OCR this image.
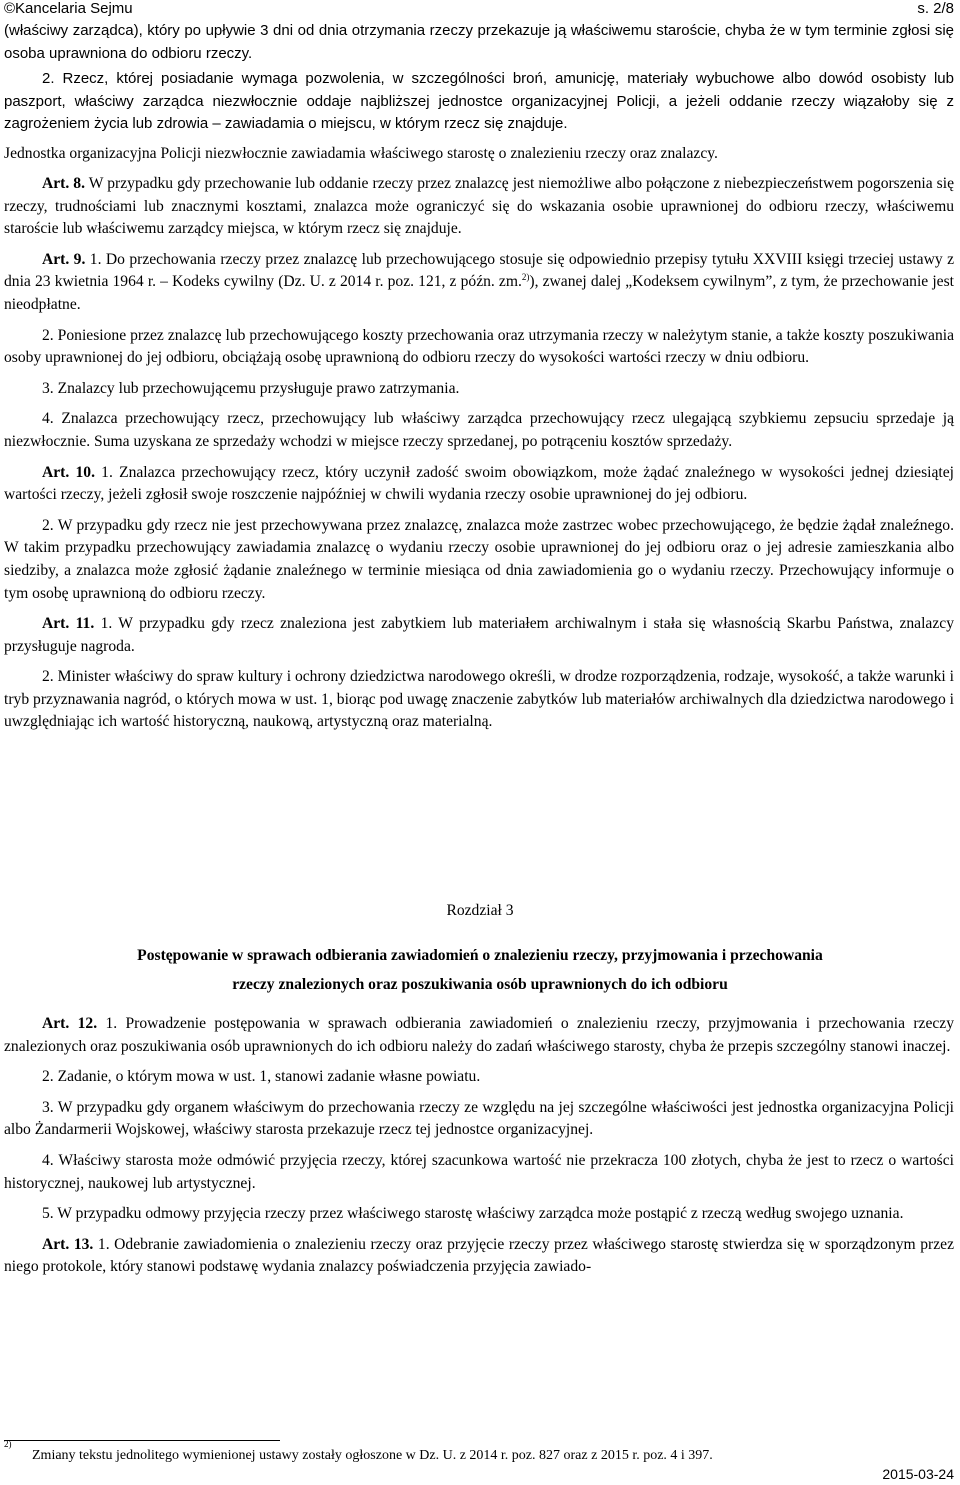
©Kancelaria Sejmu	s. 2/8

(właściwy zarządca), który po upływie 3 dni od dnia otrzymania rzeczy przekazuje ją właściwemu staroście, chyba że w tym terminie zgłosi się osoba uprawniona do odbioru rzeczy.

2. Rzecz, której posiadanie wymaga pozwolenia, w szczególności broń, amunicję, materiały wybuchowe albo dowód osobisty lub paszport, właściwy zarządca niezwłocznie oddaje najbliższej jednostce organizacyjnej Policji, a jeżeli oddanie rzeczy wiązałoby się z zagrożeniem życia lub zdrowia – zawiadamia o miejscu, w którym rzecz się znajduje.

Jednostka organizacyjna Policji niezwłocznie zawiadamia właściwego starostę o znalezieniu rzeczy oraz znalazcy.

Art. 8. W przypadku gdy przechowanie lub oddanie rzeczy przez znalazcę jest niemożliwe albo połączone z niebezpieczeństwem pogorszenia się rzeczy, trudnościami lub znacznymi kosztami, znalazca może ograniczyć się do wskazania osobie uprawnionej do odbioru rzeczy, właściwemu staroście lub właściwemu zarządcy miejsca, w którym rzecz się znajduje.

Art. 9. 1. Do przechowania rzeczy przez znalazcę lub przechowującego stosuje się odpowiednio przepisy tytułu XXVIII księgi trzeciej ustawy z dnia 23 kwietnia 1964 r. – Kodeks cywilny (Dz. U. z 2014 r. poz. 121, z późn. zm.$^{2)}$), zwanej dalej „Kodeksem cywilnym”, z tym, że przechowanie jest nieodpłatne.

2. Poniesione przez znalazcę lub przechowującego koszty przechowania oraz utrzymania rzeczy w należytym stanie, a także koszty poszukiwania osoby uprawnionej do jej odbioru, obciążają osobę uprawnioną do odbioru rzeczy do wysokości wartości rzeczy w dniu odbioru.

3. Znalazcy lub przechowującemu przysługuje prawo zatrzymania.

4. Znalazca przechowujący rzecz, przechowujący lub właściwy zarządca przechowujący rzecz ulegającą szybkiemu zepsuciu sprzedaje ją niezwłocznie. Suma uzyskana ze sprzedaży wchodzi w miejsce rzeczy sprzedanej, po potrąceniu kosztów sprzedaży.

Art. 10. 1. Znalazca przechowujący rzecz, który uczynił zadość swoim obowiązkom, może żądać znaleźnego w wysokości jednej dziesiątej wartości rzeczy, jeżeli zgłosił swoje roszczenie najpóźniej w chwili wydania rzeczy osobie uprawnionej do jej odbioru.

2. W przypadku gdy rzecz nie jest przechowywana przez znalazcę, znalazca może zastrzec wobec przechowującego, że będzie żądał znaleźnego. W takim przypadku przechowujący zawiadamia znalazcę o wydaniu rzeczy osobie uprawnionej do jej odbioru oraz o jej adresie zamieszkania albo siedziby, a znalazca może zgłosić żądanie znaleźnego w terminie miesiąca od dnia zawiadomienia go o wydaniu rzeczy. Przechowujący informuje o tym osobę uprawnioną do odbioru rzeczy.

Art. 11. 1. W przypadku gdy rzecz znaleziona jest zabytkiem lub materiałem archiwalnym i stała się własnością Skarbu Państwa, znalazcy przysługuje nagroda.

2. Minister właściwy do spraw kultury i ochrony dziedzictwa narodowego określi, w drodze rozporządzenia, rodzaje, wysokość, a także warunki i tryb przyznawania nagród, o których mowa w ust. 1, biorąc pod uwagę znaczenie zabytków lub materiałów archiwalnych dla dziedzictwa narodowego i uwzględniając ich wartość historyczną, naukową, artystyczną oraz materialną.

Rozdział 3
Postępowanie w sprawach odbierania zawiadomień o znalezieniu rzeczy, przyjmowania i przechowania
rzeczy znalezionych oraz poszukiwania osób uprawnionych do ich odbioru

Art. 12. 1. Prowadzenie postępowania w sprawach odbierania zawiadomień o znalezieniu rzeczy, przyjmowania i przechowania rzeczy znalezionych oraz poszukiwania osób uprawnionych do ich odbioru należy do zadań właściwego starosty, chyba że przepis szczególny stanowi inaczej.

2. Zadanie, o którym mowa w ust. 1, stanowi zadanie własne powiatu.

3. W przypadku gdy organem właściwym do przechowania rzeczy ze względu na jej szczególne właściwości jest jednostka organizacyjna Policji albo Żandarmerii Wojskowej, właściwy starosta przekazuje rzecz tej jednostce organizacyjnej.

4. Właściwy starosta może odmówić przyjęcia rzeczy, której szacunkowa wartość nie przekracza 100 złotych, chyba że jest to rzecz o wartości historycznej, naukowej lub artystycznej.

5. W przypadku odmowy przyjęcia rzeczy przez właściwego starostę właściwy zarządca może postąpić z rzeczą według swojego uznania.

Art. 13. 1. Odebranie zawiadomienia o znalezieniu rzeczy oraz przyjęcie rzeczy przez właściwego starostę stwierdza się w sporządzonym przez niego protokole, który stanowi podstawę wydania znalazcy poświadczenia przyjęcia zawiado-

2)
Zmiany tekstu jednolitego wymienionej ustawy zostały ogłoszone w Dz. U. z 2014 r. poz. 827 oraz z 2015 r. poz. 4 i 397.
2015-03-24
